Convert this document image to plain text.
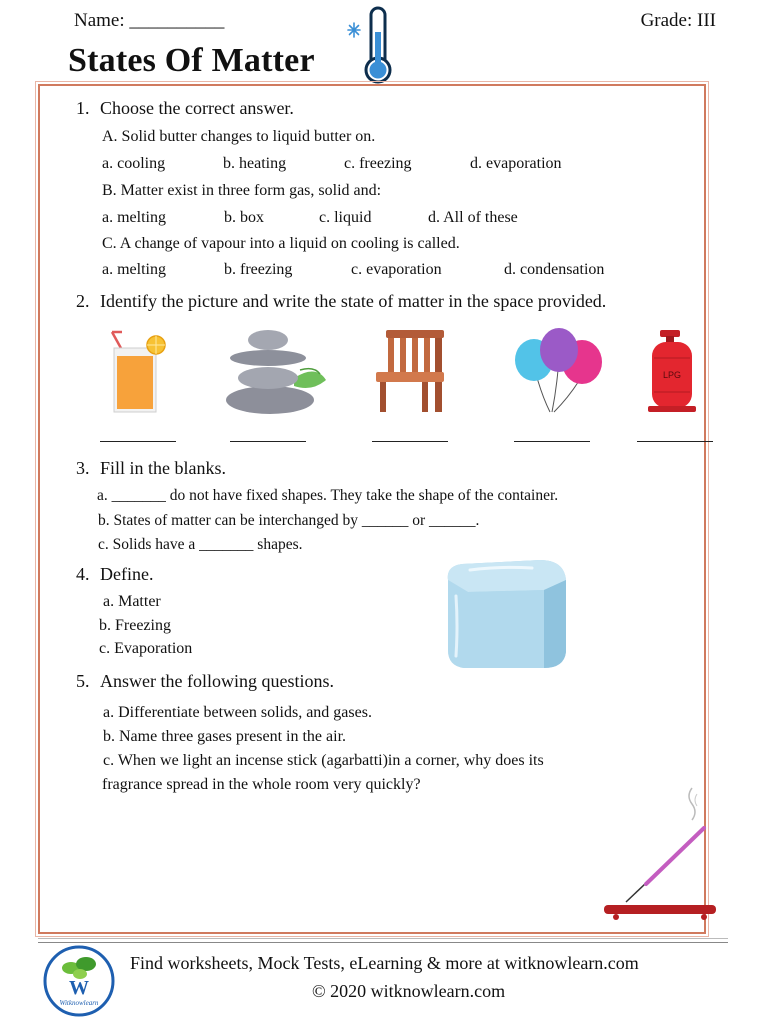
Name: __________	Grade: III
States Of Matter
1. Choose the correct answer.
A. Solid butter changes to liquid butter on.
a. cooling	b. heating	c. freezing	d. evaporation
B. Matter exist in three form gas, solid and:
a. melting	b. box	c. liquid	d. All of these
C. A change of vapour into a liquid on cooling is called.
a. melting	b. freezing	c. evaporation	d. condensation
2. Identify the picture and write the state of matter in the space provided.
LPG
3. Fill in the blanks.
a. _______ do not have fixed shapes. They take the shape of the container.
b. States of matter can be interchanged by ______ or ______.
c. Solids have a _______ shapes.
4. Define.
a. Matter
b. Freezing
c. Evaporation
5. Answer the following questions.
a. Differentiate between solids, and gases.
b. Name three gases present in the air.
c. When we light an incense stick (agarbatti)in a corner, why does its
fragrance spread in the whole room very quickly?
W
Witknowlearn
Find worksheets, Mock Tests, eLearning & more at witknowlearn.com
© 2020 witknowlearn.com
